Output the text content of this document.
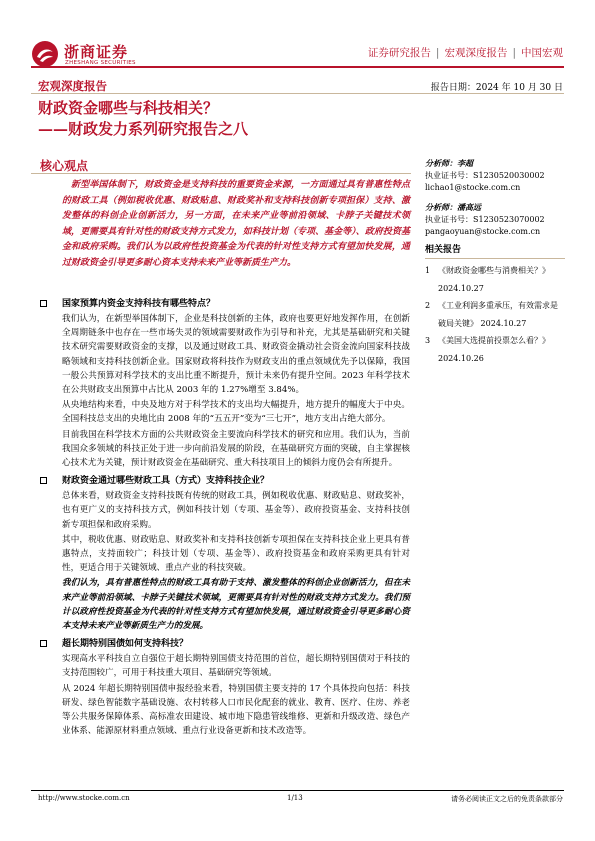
浙商证券
ZHESHANG SECURITIES
证券研究报告 | 宏观深度报告 | 中国宏观
宏观深度报告	报告日期：2024 年 10 月 30 日
财政资金哪些与科技相关？
——财政发力系列研究报告之八
核心观点
新型举国体制下，财政资金是支持科技的重要资金来源，一方面通过具有普惠性特点的财政工具（例如税收优惠、财政贴息、财政奖补和支持科技创新专项担保）支持、激发整体的科创企业创新活力，另一方面，在未来产业等前沿领域、卡脖子关键技术领域，更需要具有针对性的财政支持方式发力，如科技计划（专项、基金等）、政府投资基金和政府采购。我们认为以政府性投资基金为代表的针对性支持方式有望加快发展，通过财政资金引导更多耐心资本支持未来产业等新质生产力。
国家预算内资金支持科技有哪些特点？
我们认为，在新型举国体制下，企业是科技创新的主体，政府也要更好地发挥作用，在创新全周期链条中也存在一些市场失灵的领域需要财政作为引导和补充，尤其是基础研究和关键技术研究需要财政资金的支撑，以及通过财政工具、财政资金撬动社会资金流向国家科技战略领域和支持科技创新企业。国家财政将科技作为财政支出的重点领域优先予以保障，我国一般公共预算对科学技术的支出比重不断提升，预计未来仍有提升空间。2023 年科学技术在公共财政支出预算中占比从 2003 年的 1.27%增至 3.84%。
从央地结构来看，中央及地方对于科学技术的支出均大幅提升，地方提升的幅度大于中央。全国科技总支出的央地比由 2008 年的“五五开”变为“三七开”，地方支出占绝大部分。
目前我国在科学技术方面的公共财政资金主要流向科学技术的研究和应用。我们认为，当前我国众多领域的科技正处于进一步向前沿发展的阶段，在基础研究方面的突破，自主掌握核心技术尤为关键，预计财政资金在基础研究、重大科技项目上的倾斜力度仍会有所提升。
财政资金通过哪些财政工具（方式）支持科技企业？
总体来看，财政资金支持科技既有传统的财政工具，例如税收优惠、财政贴息、财政奖补，也有更广义的支持科技方式，例如科技计划（专项、基金等）、政府投资基金、支持科技创新专项担保和政府采购。
其中，税收优惠、财政贴息、财政奖补和支持科技创新专项担保在支持科技企业上更具有普惠特点，支持面较广；科技计划（专项、基金等）、政府投资基金和政府采购更具有针对性，更适合用于关键领域、重点产业的科技突破。
我们认为，具有普惠性特点的财政工具有助于支持、激发整体的科创企业创新活力，但在未来产业等前沿领域、卡脖子关键技术领域，更需要具有针对性的财政支持方式发力。我们预计以政府性投资基金为代表的针对性支持方式有望加快发展，通过财政资金引导更多耐心资本支持未来产业等新质生产力的发展。
超长期特别国债如何支持科技？
实现高水平科技自立自强位于超长期特别国债支持范围的首位，超长期特别国债对于科技的支持范围较广，可用于科技重大项目、基础研究等领域。
从 2024 年超长期特别国债申报经验来看，特别国债主要支持的 17 个具体投向包括：科技研发、绿色智能数字基础设施、农村转移人口市民化配套的就业、教育、医疗、住房、养老等公共服务保障体系、高标准农田建设、城市地下隐患管线维修、更新和升级改造、绿色产业体系、能源原材料重点领域、重点行业设备更新和技术改造等。
分析师：李超
执业证书号：S1230520030002
lichao1@stocke.com.cn
分析师：潘高远
执业证书号：S1230523070002
pangaoyuan@stocke.com.cn
相关报告
1 《财政资金哪些与消费相关？》 2024.10.27
2 《工业利润多重承压，有效需求是破局关键》 2024.10.27
3 《美国大选提前投票怎么看？》 2024.10.26
http://www.stocke.com.cn	1/13	请务必阅读正文之后的免责条款部分
